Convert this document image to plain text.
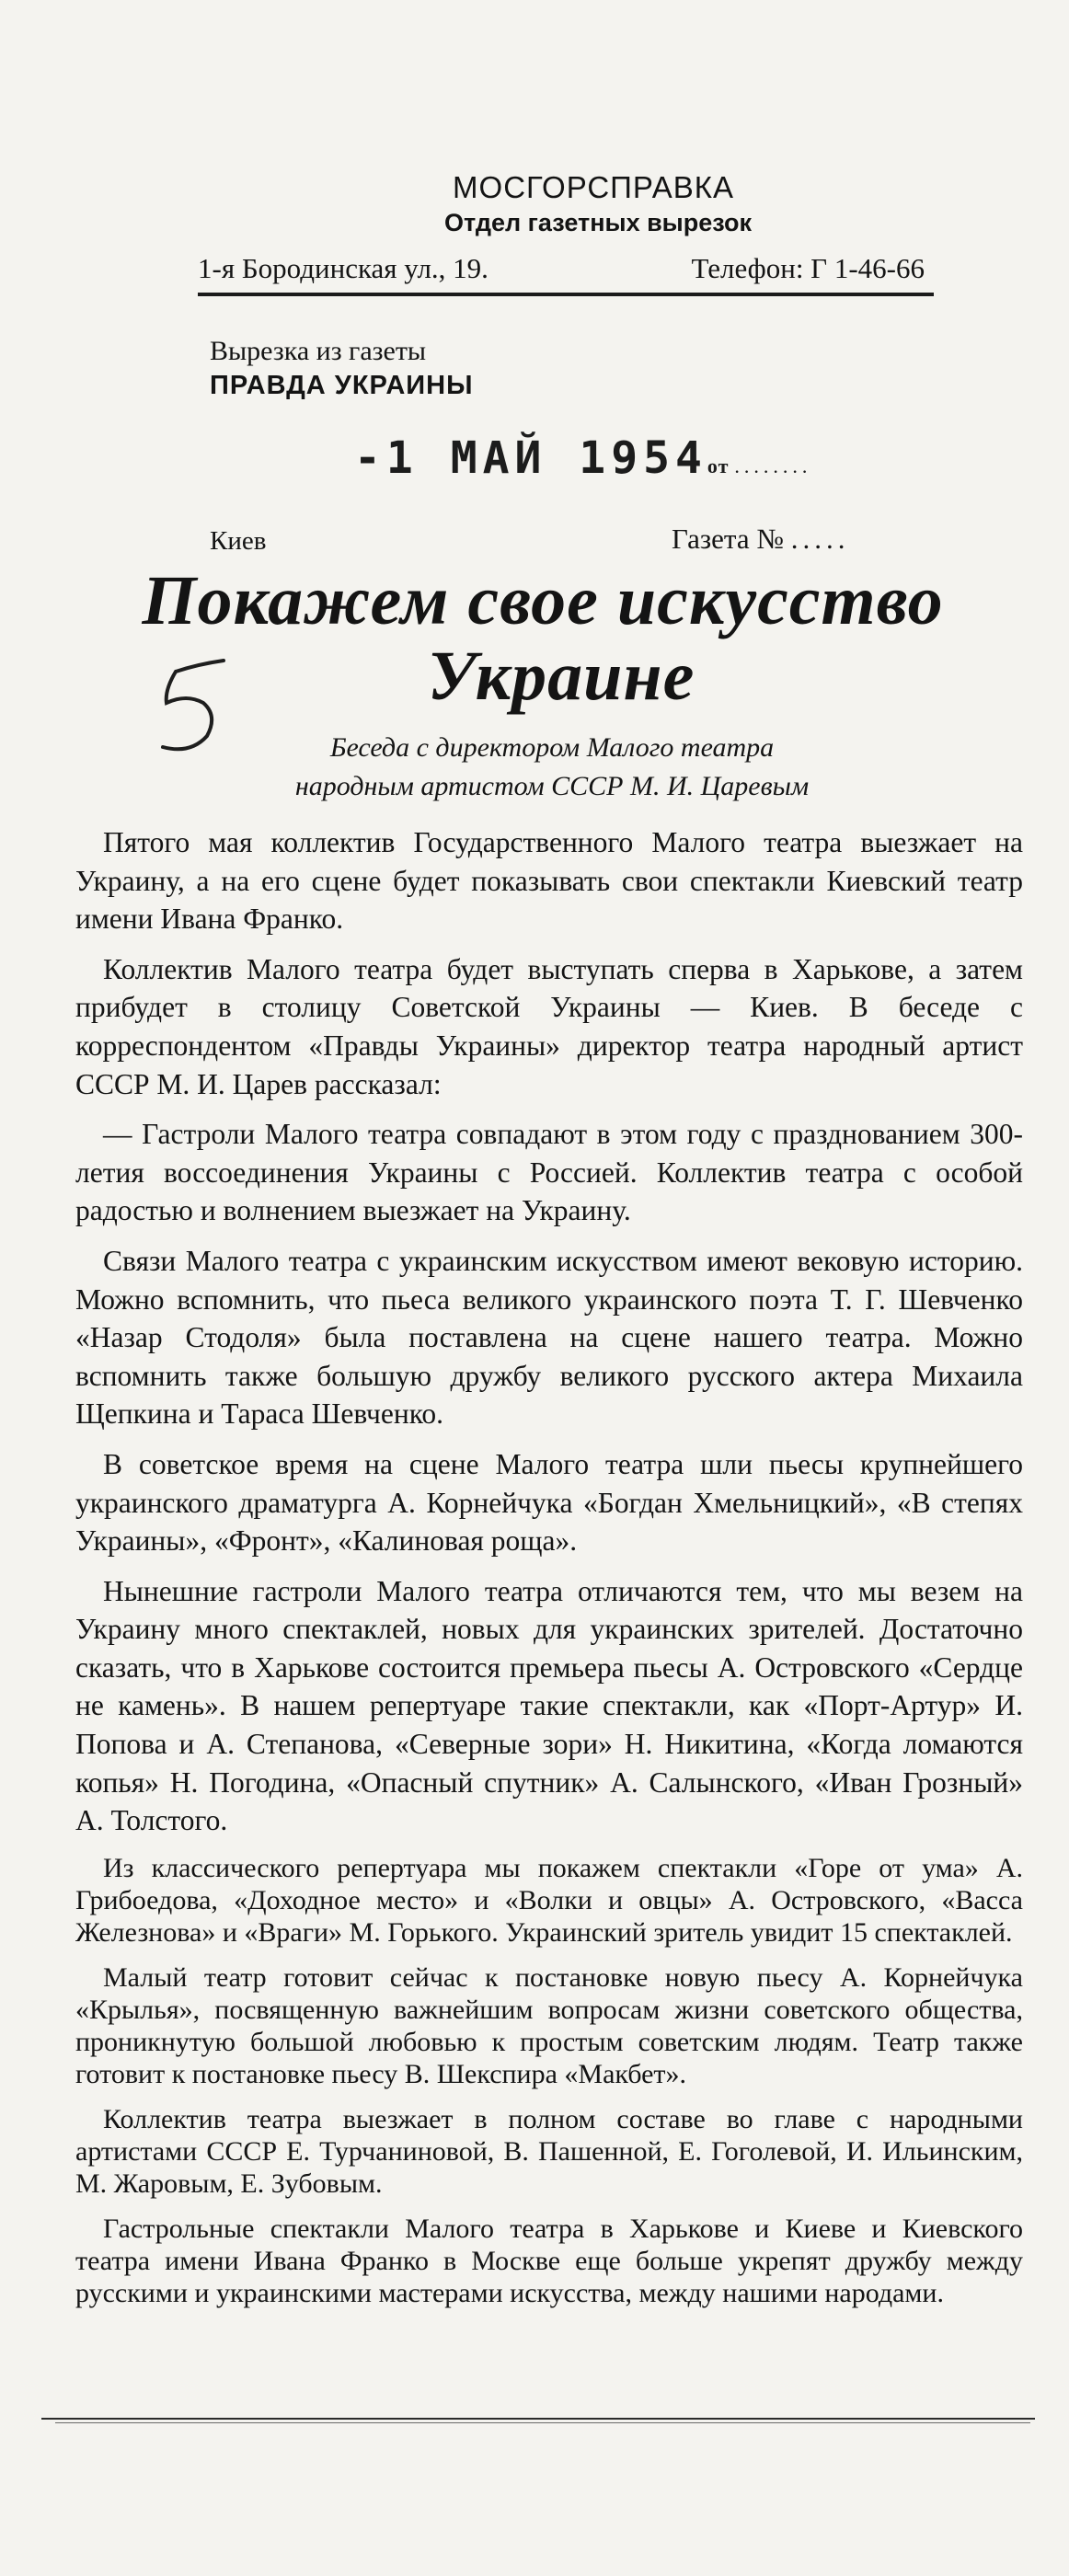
МОСГОРСПРАВКА
Отдел газетных вырезок
1-я Бородинская ул., 19.	Телефон: Г 1-46-66
Вырезка из газеты
ПРАВДА УКРАИНЫ
-1 МАЙ 1954 от ........
Киев	Газета № .....
Покажем свое искусство
Украине
Беседа с директором Малого театра
народным артистом СССР М. И. Царевым

Пятого мая коллектив Государственного Малого театра выезжает на Украину, а на его сцене будет показывать свои спектакли Киевский театр имени Ивана Франко.

Коллектив Малого театра будет выступать сперва в Харькове, а затем прибудет в столицу Советской Украины — Киев. В беседе с корреспондентом «Правды Украины» директор театра народный артист СССР М. И. Царев рассказал:

— Гастроли Малого театра совпадают в этом году с празднованием 300-летия воссоединения Украины с Россией. Коллектив театра с особой радостью и волнением выезжает на Украину.

Связи Малого театра с украинским искусством имеют вековую историю. Можно вспомнить, что пьеса великого украинского поэта Т. Г. Шевченко «Назар Стодоля» была поставлена на сцене нашего театра. Можно вспомнить также большую дружбу великого русского актера Михаила Щепкина и Тараса Шевченко.

В советское время на сцене Малого театра шли пьесы крупнейшего украинского драматурга А. Корнейчука «Богдан Хмельницкий», «В степях Украины», «Фронт», «Калиновая роща».

Нынешние гастроли Малого театра отличаются тем, что мы везем на Украину много спектаклей, новых для украинских зрителей. Достаточно сказать, что в Харькове состоится премьера пьесы А. Островского «Сердце не камень». В нашем репертуаре такие спектакли, как «Порт-Артур» И. Попова и А. Степанова, «Северные зори» Н. Никитина, «Когда ломаются копья» Н. Погодина, «Опасный спутник» А. Салынского, «Иван Грозный» А. Толстого.

Из классического репертуара мы покажем спектакли «Горе от ума» А. Грибоедова, «Доходное место» и «Волки и овцы» А. Островского, «Васса Железнова» и «Враги» М. Горького. Украинский зритель увидит 15 спектаклей.

Малый театр готовит сейчас к постановке новую пьесу А. Корнейчука «Крылья», посвященную важнейшим вопросам жизни советского общества, проникнутую большой любовью к простым советским людям. Театр также готовит к постановке пьесу В. Шекспира «Макбет».

Коллектив театра выезжает в полном составе во главе с народными артистами СССР Е. Турчаниновой, В. Пашенной, Е. Гоголевой, И. Ильинским, М. Жаровым, Е. Зубовым.

Гастрольные спектакли Малого театра в Харькове и Киеве и Киевского театра имени Ивана Франко в Москве еще больше укрепят дружбу между русскими и украинскими мастерами искусства, между нашими народами.
